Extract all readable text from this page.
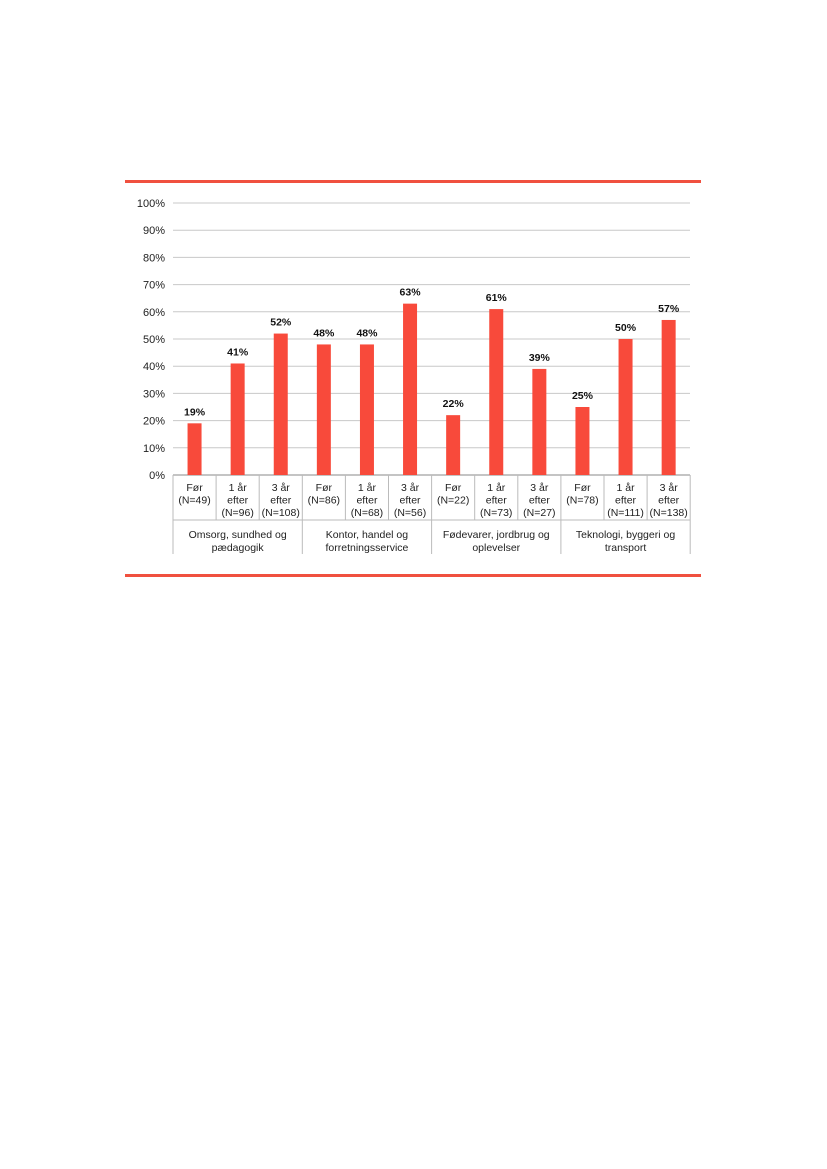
0%
10%
20%
30%
40%
50%
60%
70%
80%
90%
100%
19%
Før
(N=49)
41%
1 år
efter
(N=96)
52%
3 år
efter
(N=108)
Omsorg, sundhed og
pædagogik
48%
Før
(N=86)
48%
1 år
efter
(N=68)
63%
3 år
efter
(N=56)
Kontor, handel og
forretningsservice
22%
Før
(N=22)
61%
1 år
efter
(N=73)
39%
3 år
efter
(N=27)
Fødevarer, jordbrug og
oplevelser
25%
Før
(N=78)
50%
1 år
efter
(N=111)
57%
3 år
efter
(N=138)
Teknologi, byggeri og
transport
